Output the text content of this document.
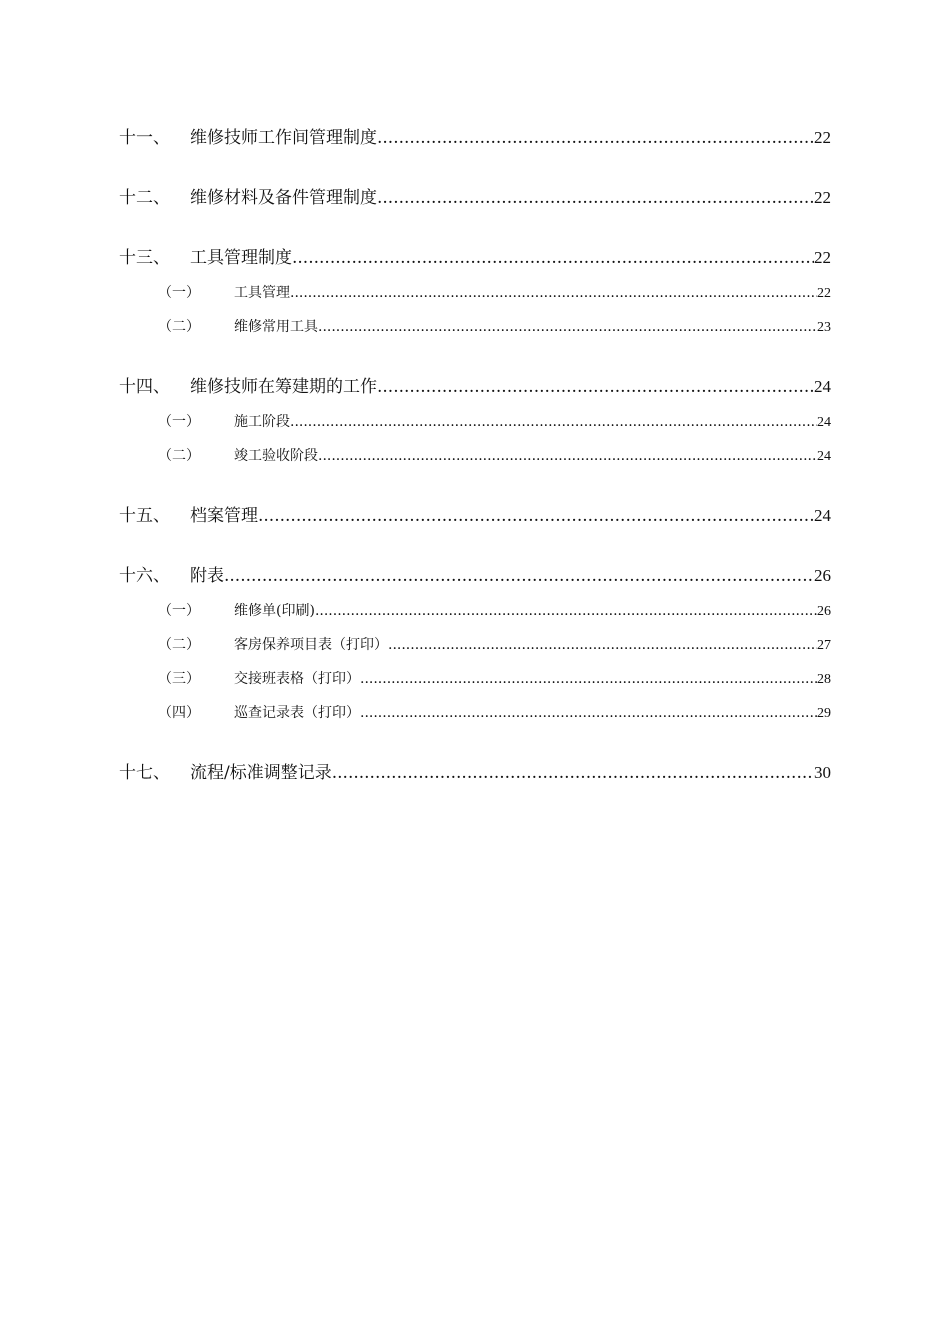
十一、	维修技师工作间管理制度 .....	22
十二、	维修材料及备件管理制度 .....	22
十三、	工具管理制度 .....	22
（一）	工具管理 .....	22
（二）	维修常用工具 .....	23
十四、	维修技师在筹建期的工作 .....	24
（一）	施工阶段 .....	24
（二）	竣工验收阶段 .....	24
十五、	档案管理 .....	24
十六、	附表 .....	26
（一）	维修单(印刷) .....	26
（二）	客房保养项目表（打印） .....	27
（三）	交接班表格（打印） .....	28
（四）	巡查记录表（打印） .....	29
十七、	流程/标准调整记录 .....	30
